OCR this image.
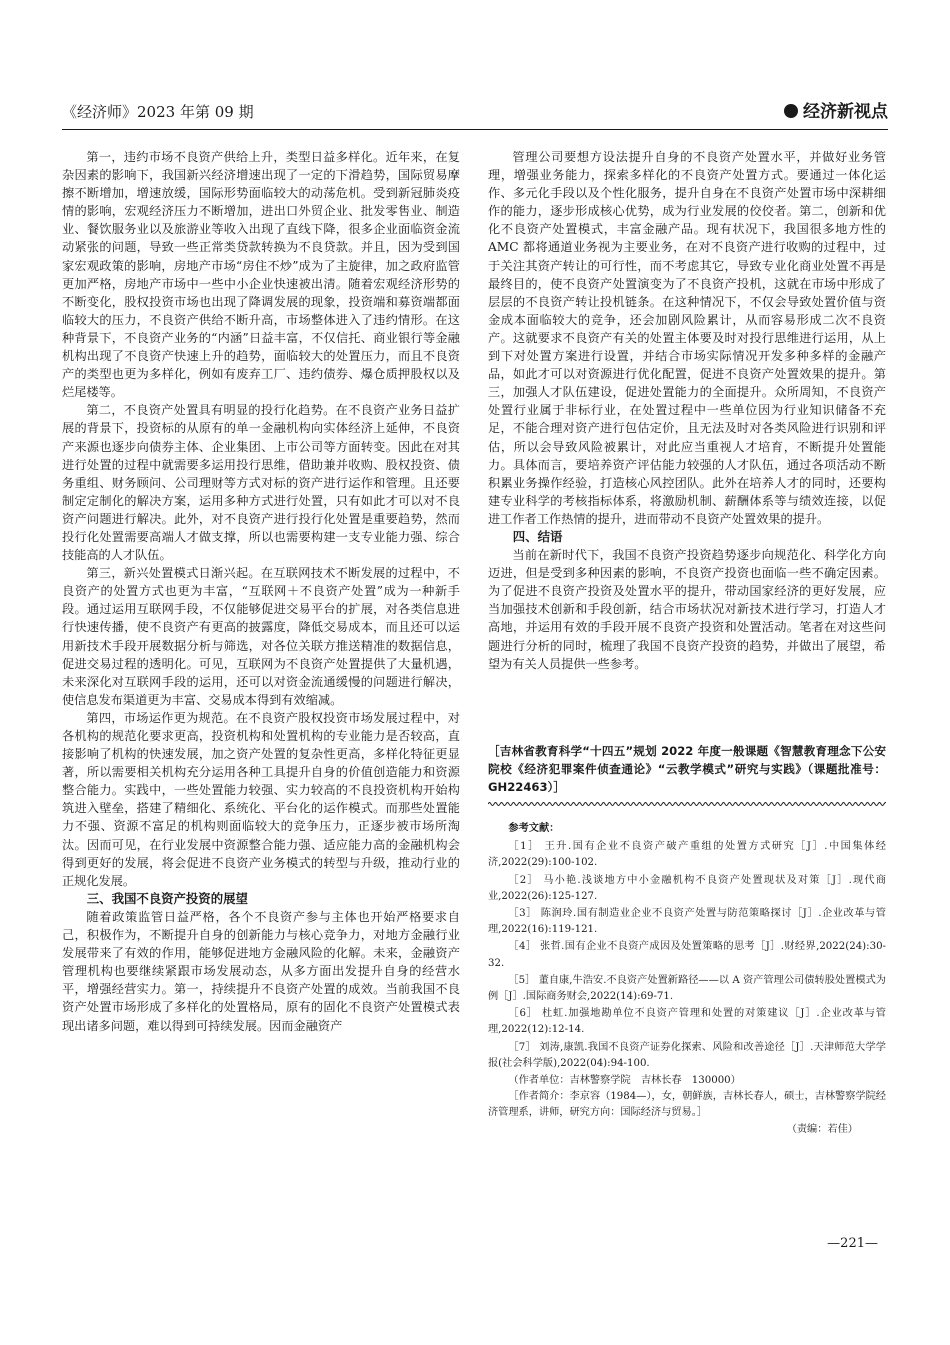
《经济师》2023 年第 09 期	经济新视点

第一，违约市场不良资产供给上升，类型日益多样化。近年来，在复杂因素的影响下，我国新兴经济增速出现了一定的下滑趋势，国际贸易摩擦不断增加，增速放缓，国际形势面临较大的动荡危机。受到新冠肺炎疫情的影响，宏观经济压力不断增加，进出口外贸企业、批发零售业、制造业、餐饮服务业以及旅游业等收入出现了直线下降，很多企业面临资金流动紧张的问题，导致一些正常类贷款转换为不良贷款。并且，因为受到国家宏观政策的影响，房地产市场“房住不炒”成为了主旋律，加之政府监管更加严格，房地产市场中一些中小企业快速被出清。随着宏观经济形势的不断变化，股权投资市场也出现了降调发展的现象，投资端和募资端都面临较大的压力，不良资产供给不断升高，市场整体进入了违约情形。在这种背景下，不良资产业务的“内涵”日益丰富，不仅信托、商业银行等金融机构出现了不良资产快速上升的趋势，面临较大的处置压力，而且不良资产的类型也更为多样化，例如有废弃工厂、违约债券、爆仓质押股权以及烂尾楼等。

第二，不良资产处置具有明显的投行化趋势。在不良资产业务日益扩展的背景下，投资标的从原有的单一金融机构向实体经济上延伸，不良资产来源也逐步向债券主体、企业集团、上市公司等方面转变。因此在对其进行处置的过程中就需要多运用投行思维，借助兼并收购、股权投资、债务重组、财务顾问、公司理财等方式对标的资产进行运作和管理。且还要制定定制化的解决方案，运用多种方式进行处置，只有如此才可以对不良资产问题进行解决。此外，对不良资产进行投行化处置是重要趋势，然而投行化处置需要高端人才做支撑，所以也需要构建一支专业能力强、综合技能高的人才队伍。

第三，新兴处置模式日渐兴起。在互联网技术不断发展的过程中，不良资产的处置方式也更为丰富，“互联网＋不良资产处置”成为一种新手段。通过运用互联网手段，不仅能够促进交易平台的扩展，对各类信息进行快速传播，使不良资产有更高的披露度，降低交易成本，而且还可以运用新技术手段开展数据分析与筛选，对各位关联方推送精准的数据信息，促进交易过程的透明化。可见，互联网为不良资产处置提供了大量机遇，未来深化对互联网手段的运用，还可以对资金流通缓慢的问题进行解决，使信息发布渠道更为丰富、交易成本得到有效缩减。

第四，市场运作更为规范。在不良资产股权投资市场发展过程中，对各机构的规范化要求更高，投资机构和处置机构的专业能力是否较高，直接影响了机构的快速发展，加之资产处置的复杂性更高，多样化特征更显著，所以需要相关机构充分运用各种工具提升自身的价值创造能力和资源整合能力。实践中，一些处置能力较强、实力较高的不良投资机构开始构筑进入壁垒，搭建了精细化、系统化、平台化的运作模式。而那些处置能力不强、资源不富足的机构则面临较大的竞争压力，正逐步被市场所淘汰。因而可见，在行业发展中资源整合能力强、适应能力高的金融机构会得到更好的发展，将会促进不良资产业务模式的转型与升级，推动行业的正规化发展。

三、我国不良资产投资的展望

随着政策监管日益严格，各个不良资产参与主体也开始严格要求自己，积极作为，不断提升自身的创新能力与核心竞争力，对地方金融行业发展带来了有效的作用，能够促进地方金融风险的化解。未来，金融资产管理机构也要继续紧跟市场发展动态，从多方面出发提升自身的经营水平，增强经营实力。第一，持续提升不良资产处置的成效。当前我国不良资产处置市场形成了多样化的处置格局，原有的固化不良资产处置模式表现出诸多问题，难以得到可持续发展。因而金融资产

管理公司要想方设法提升自身的不良资产处置水平，并做好业务管理，增强业务能力，探索多样化的不良资产处置方式。要通过一体化运作、多元化手段以及个性化服务，提升自身在不良资产处置市场中深耕细作的能力，逐步形成核心优势，成为行业发展的佼佼者。第二，创新和优化不良资产处置模式，丰富金融产品。现有状况下，我国很多地方性的 AMC 都将通道业务视为主要业务，在对不良资产进行收购的过程中，过于关注其资产转让的可行性，而不考虑其它，导致专业化商业处置不再是最终目的，使不良资产处置演变为了不良资产投机，这就在市场中形成了层层的不良资产转让投机链条。在这种情况下，不仅会导致处置价值与资金成本面临较大的竞争，还会加剧风险累计，从而容易形成二次不良资产。这就要求不良资产有关的处置主体要及时对投行思维进行运用，从上到下对处置方案进行设置，并结合市场实际情况开发多种多样的金融产品，如此才可以对资源进行优化配置，促进不良资产处置效果的提升。第三，加强人才队伍建设，促进处置能力的全面提升。众所周知，不良资产处置行业属于非标行业，在处置过程中一些单位因为行业知识储备不充足，不能合理对资产进行包估定价，且无法及时对各类风险进行识别和评估，所以会导致风险被累计，对此应当重视人才培育，不断提升处置能力。具体而言，要培养资产评估能力较强的人才队伍，通过各项活动不断积累业务操作经验，打造核心风控团队。此外在培养人才的同时，还要构建专业科学的考核指标体系，将激励机制、薪酬体系等与绩效连接，以促进工作者工作热情的提升，进而带动不良资产处置效果的提升。

四、结语

当前在新时代下，我国不良资产投资趋势逐步向规范化、科学化方向迈进，但是受到多种因素的影响，不良资产投资也面临一些不确定因素。为了促进不良资产投资及处置水平的提升，带动国家经济的更好发展，应当加强技术创新和手段创新，结合市场状况对新技术进行学习，打造人才高地，并运用有效的手段开展不良资产投资和处置活动。笔者在对这些问题进行分析的同时，梳理了我国不良资产投资的趋势，并做出了展望，希望为有关人员提供一些参考。

［吉林省教育科学“十四五”规划 2022 年度一般课题《智慧教育理念下公安院校《经济犯罪案件侦查通论》“云教学模式”研究与实践》（课题批准号：GH22463）］
参考文献：
［1］ 王升.国有企业不良资产破产重组的处置方式研究［J］.中国集体经济,2022(29):100-102.
［2］ 马小艳.浅谈地方中小金融机构不良资产处置现状及对策［J］.现代商业,2022(26):125-127.
［3］ 陈润玲.国有制造业企业不良资产处置与防范策略探讨［J］.企业改革与管理,2022(16):119-121.
［4］ 张哲.国有企业不良资产成因及处置策略的思考［J］.财经界,2022(24):30-32.
［5］ 董自康,牛浩安.不良资产处置新路径——以 A 资产管理公司债转股处置模式为例［J］.国际商务财会,2022(14):69-71.
［6］ 杜虹.加强地勘单位不良资产管理和处置的对策建议［J］.企业改革与管理,2022(12):12-14.
［7］ 刘涛,康凯.我国不良资产证券化探索、风险和改善途径［J］.天津师范大学学报(社会科学版),2022(04):94-100.
（作者单位：吉林警察学院　吉林长春　130000）
［作者简介：李京容（1984—），女，朝鲜族，吉林长春人，硕士，吉林警察学院经济管理系，讲师，研究方向：国际经济与贸易。］
（责编：若佳）
—221—
